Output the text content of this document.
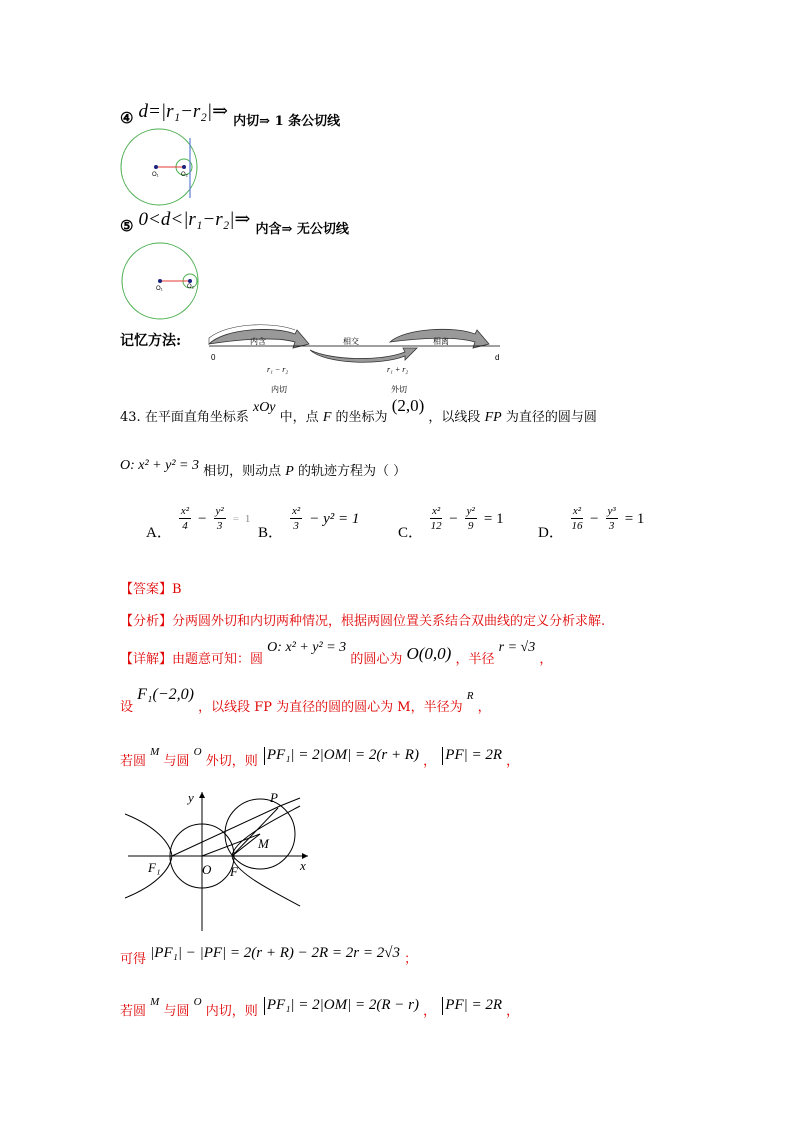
④ d=|r₁−r₂|⇒ $_{内切\Rightarrow 1 条公切线}$
O₁	O₂
⑤ 0<d<|r₁−r₂|⇒ $_{内含\Rightarrow 无公切线}$
O₁	O₂
记忆方法:
0	d
内含	相交	相离
r₁ − r₂	r₁ + r₂
内切	外切
43. 在平面直角坐标系 xOy 中，点 F 的坐标为 (2,0) ，以线段 FP 为直径的圆与圆
O: x² + y² = 3 相切，则动点 P 的轨迹方程为（ ）
A．
$\frac{\text{x²}}{4} - \frac{\text{y²}}{3} = 1$
B．
$\frac{\text{x²}}{3} - y^2 = 1$
C．
$\frac{\text{x²}}{12} - \frac{\text{y²}}{9} = 1$
D．
$\frac{\text{x²}}{16} - \frac{\text{y³}}{3} = 1$
【答案】B
【分析】分两圆外切和内切两种情况，根据两圆位置关系结合双曲线的定义分析求解.
【详解】由题意可知：圆 O: x² + y² = 3 的圆心为 O(0,0) ，半径 r = √3 ，
设 F₁(−2,0) ，以线段 FP 为直径的圆的圆心为 M，半径为 R ，
若圆 M 与圆 O 外切，则 PF₁| = 2|OM| = 2(r + R) ， PF| = 2R ，
y
x
P
M
F₁	O F
可得 |PF₁| − |PF| = 2(r + R) − 2R = 2r = 2√3 ；
若圆 M 与圆 O 内切，则 PF₁| = 2|OM| = 2(R − r) ， PF| = 2R ，
